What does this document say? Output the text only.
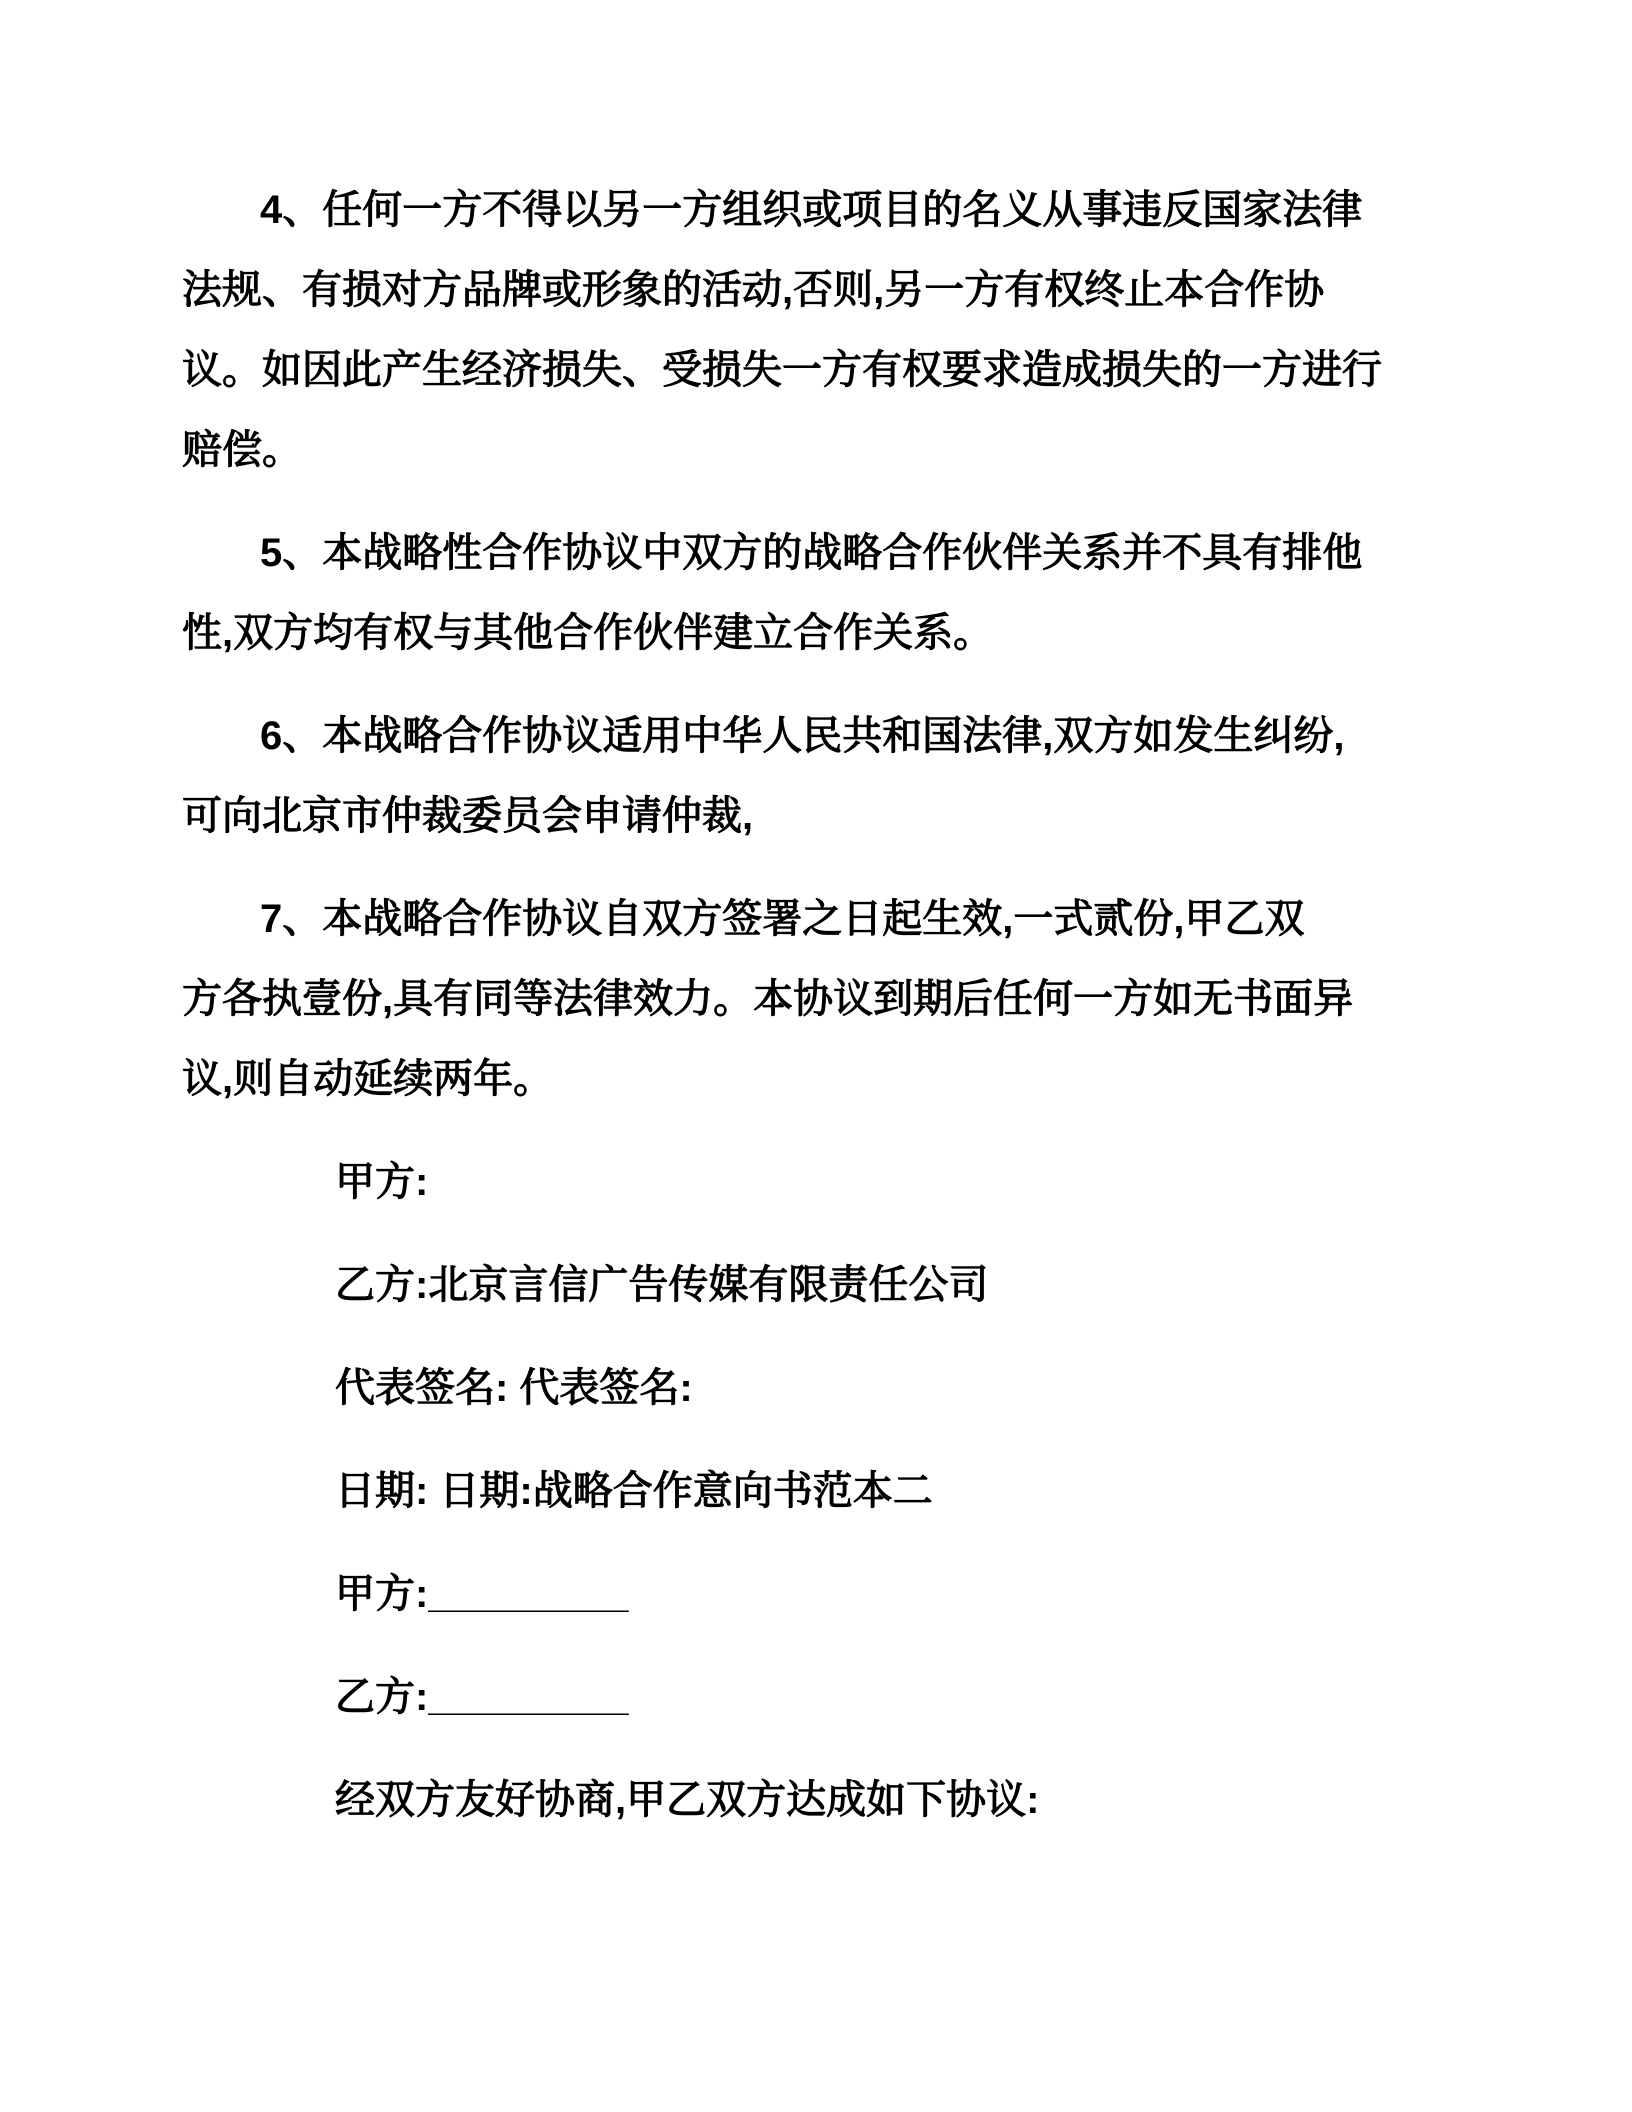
4、任何一方不得以另一方组织或项目的名义从事违反国家法律
法规、有损对方品牌或形象的活动,否则,另一方有权终止本合作协
议。如因此产生经济损失、受损失一方有权要求造成损失的一方进行
赔偿。

5、本战略性合作协议中双方的战略合作伙伴关系并不具有排他
性,双方均有权与其他合作伙伴建立合作关系。

6、本战略合作协议适用中华人民共和国法律,双方如发生纠纷,
可向北京市仲裁委员会申请仲裁,

7、本战略合作协议自双方签署之日起生效,一式贰份,甲乙双
方各执壹份,具有同等法律效力。本协议到期后任何一方如无书面异
议,则自动延续两年。

甲方:

乙方:北京言信广告传媒有限责任公司

代表签名: 代表签名:

日期: 日期:战略合作意向书范本二

甲方:_________

乙方:_________

经双方友好协商,甲乙双方达成如下协议:
